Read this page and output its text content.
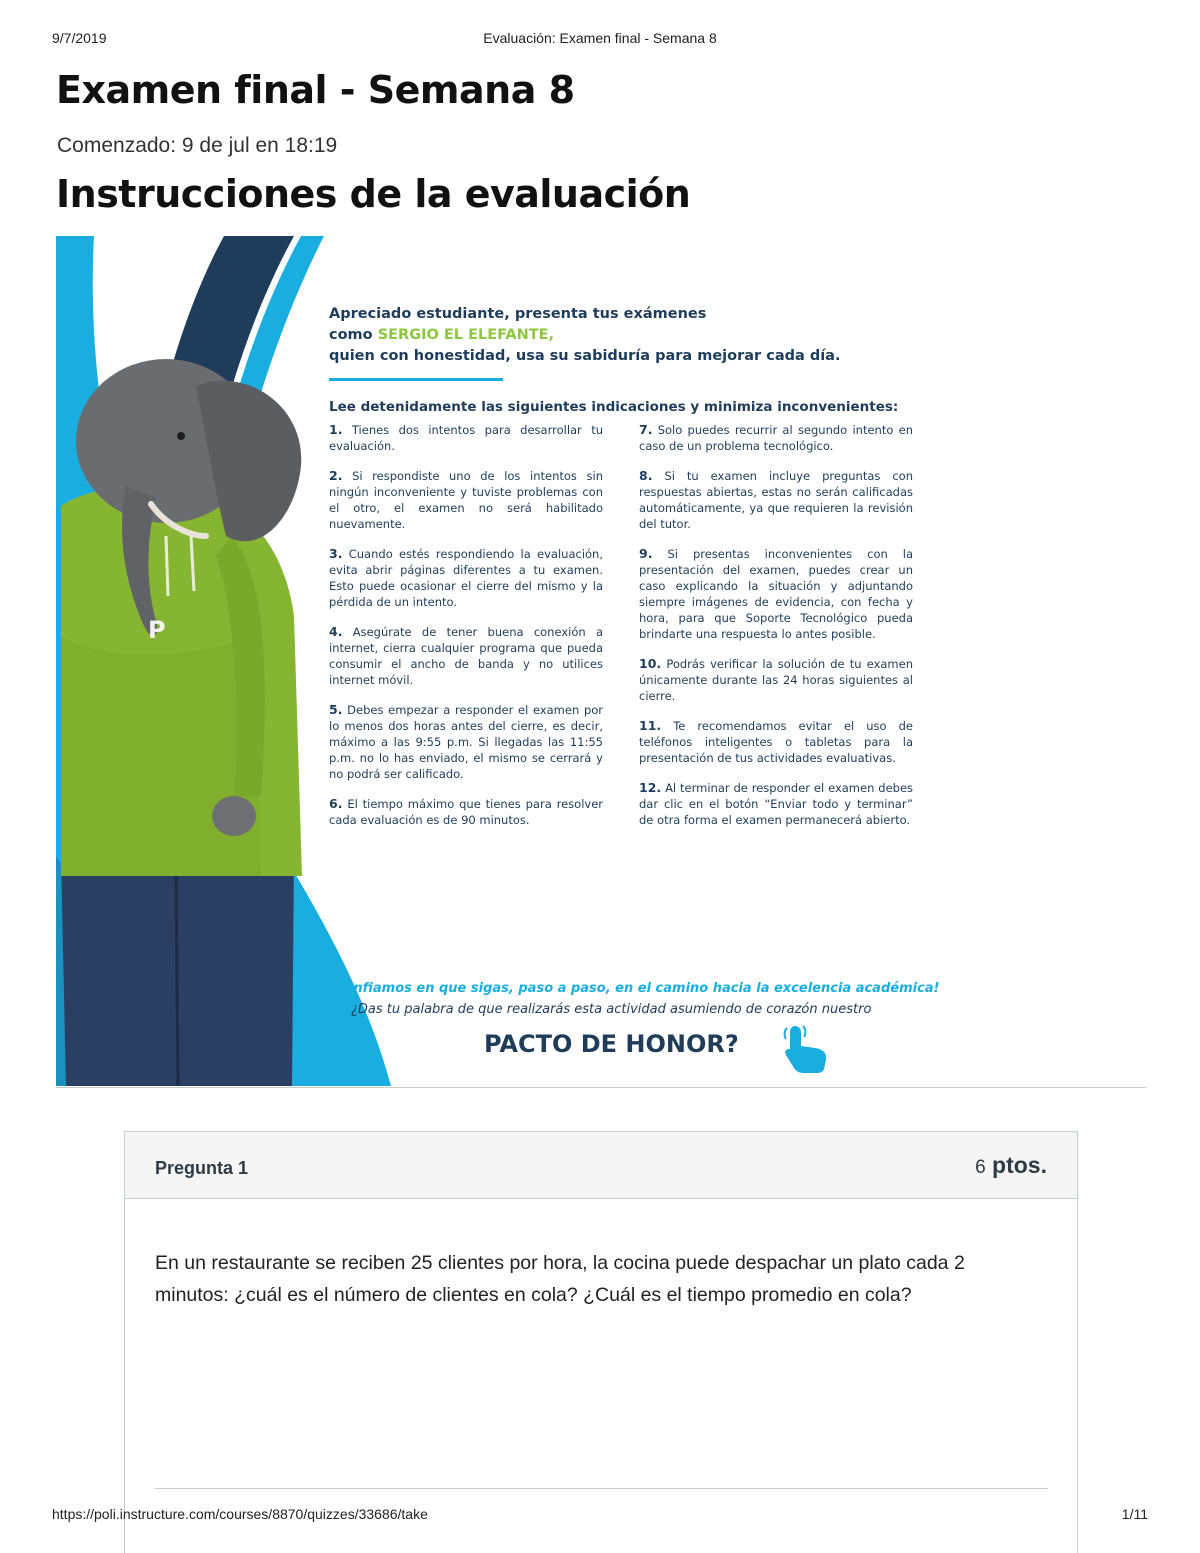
9/7/2019	Evaluación: Examen final - Semana 8
Examen final - Semana 8
Comenzado: 9 de jul en 18:19
Instrucciones de la evaluación
P
Apreciado estudiante, presenta tus exámenes
como SERGIO EL ELEFANTE,
quien con honestidad, usa su sabiduría para mejorar cada día.
Lee detenidamente las siguientes indicaciones y minimiza inconvenientes:
1. Tienes dos intentos para desarrollar tu evaluación.
2. Si respondiste uno de los intentos sin ningún inconveniente y tuviste problemas con el otro, el examen no será habilitado nuevamente.
3. Cuando estés respondiendo la evaluación, evita abrir páginas diferentes a tu examen. Esto puede ocasionar el cierre del mismo y la pérdida de un intento.
4. Asegúrate de tener buena conexión a internet, cierra cualquier programa que pueda consumir el ancho de banda y no utilices internet móvil.
5. Debes empezar a responder el examen por lo menos dos horas antes del cierre, es decir, máximo a las 9:55 p.m. Si llegadas las 11:55 p.m. no lo has enviado, el mismo se cerrará y no podrá ser calificado.
6. El tiempo máximo que tienes para resolver cada evaluación es de 90 minutos.
7. Solo puedes recurrir al segundo intento en caso de un problema tecnológico.
8. Si tu examen incluye preguntas con respuestas abiertas, estas no serán calificadas automáticamente, ya que requieren la revisión del tutor.
9. Si presentas inconvenientes con la presentación del examen, puedes crear un caso explicando la situación y adjuntando siempre imágenes de evidencia, con fecha y hora, para que Soporte Tecnológico pueda brindarte una respuesta lo antes posible.
10. Podrás verificar la solución de tu examen únicamente durante las 24 horas siguientes al cierre.
11. Te recomendamos evitar el uso de teléfonos inteligentes o tabletas para la presentación de tus actividades evaluativas.
12. Al terminar de responder el examen debes dar clic en el botón “Enviar todo y terminar” de otra forma el examen permanecerá abierto.
¡Confiamos en que sigas, paso a paso, en el camino hacia la excelencia académica!
¿Das tu palabra de que realizarás esta actividad asumiendo de corazón nuestro
PACTO DE HONOR?
Pregunta 1	6 ptos.
En un restaurante se reciben 25 clientes por hora, la cocina puede despachar un plato cada 2 minutos: ¿cuál es el número de clientes en cola? ¿Cuál es el tiempo promedio en cola?
https://poli.instructure.com/courses/8870/quizzes/33686/take	1/11
